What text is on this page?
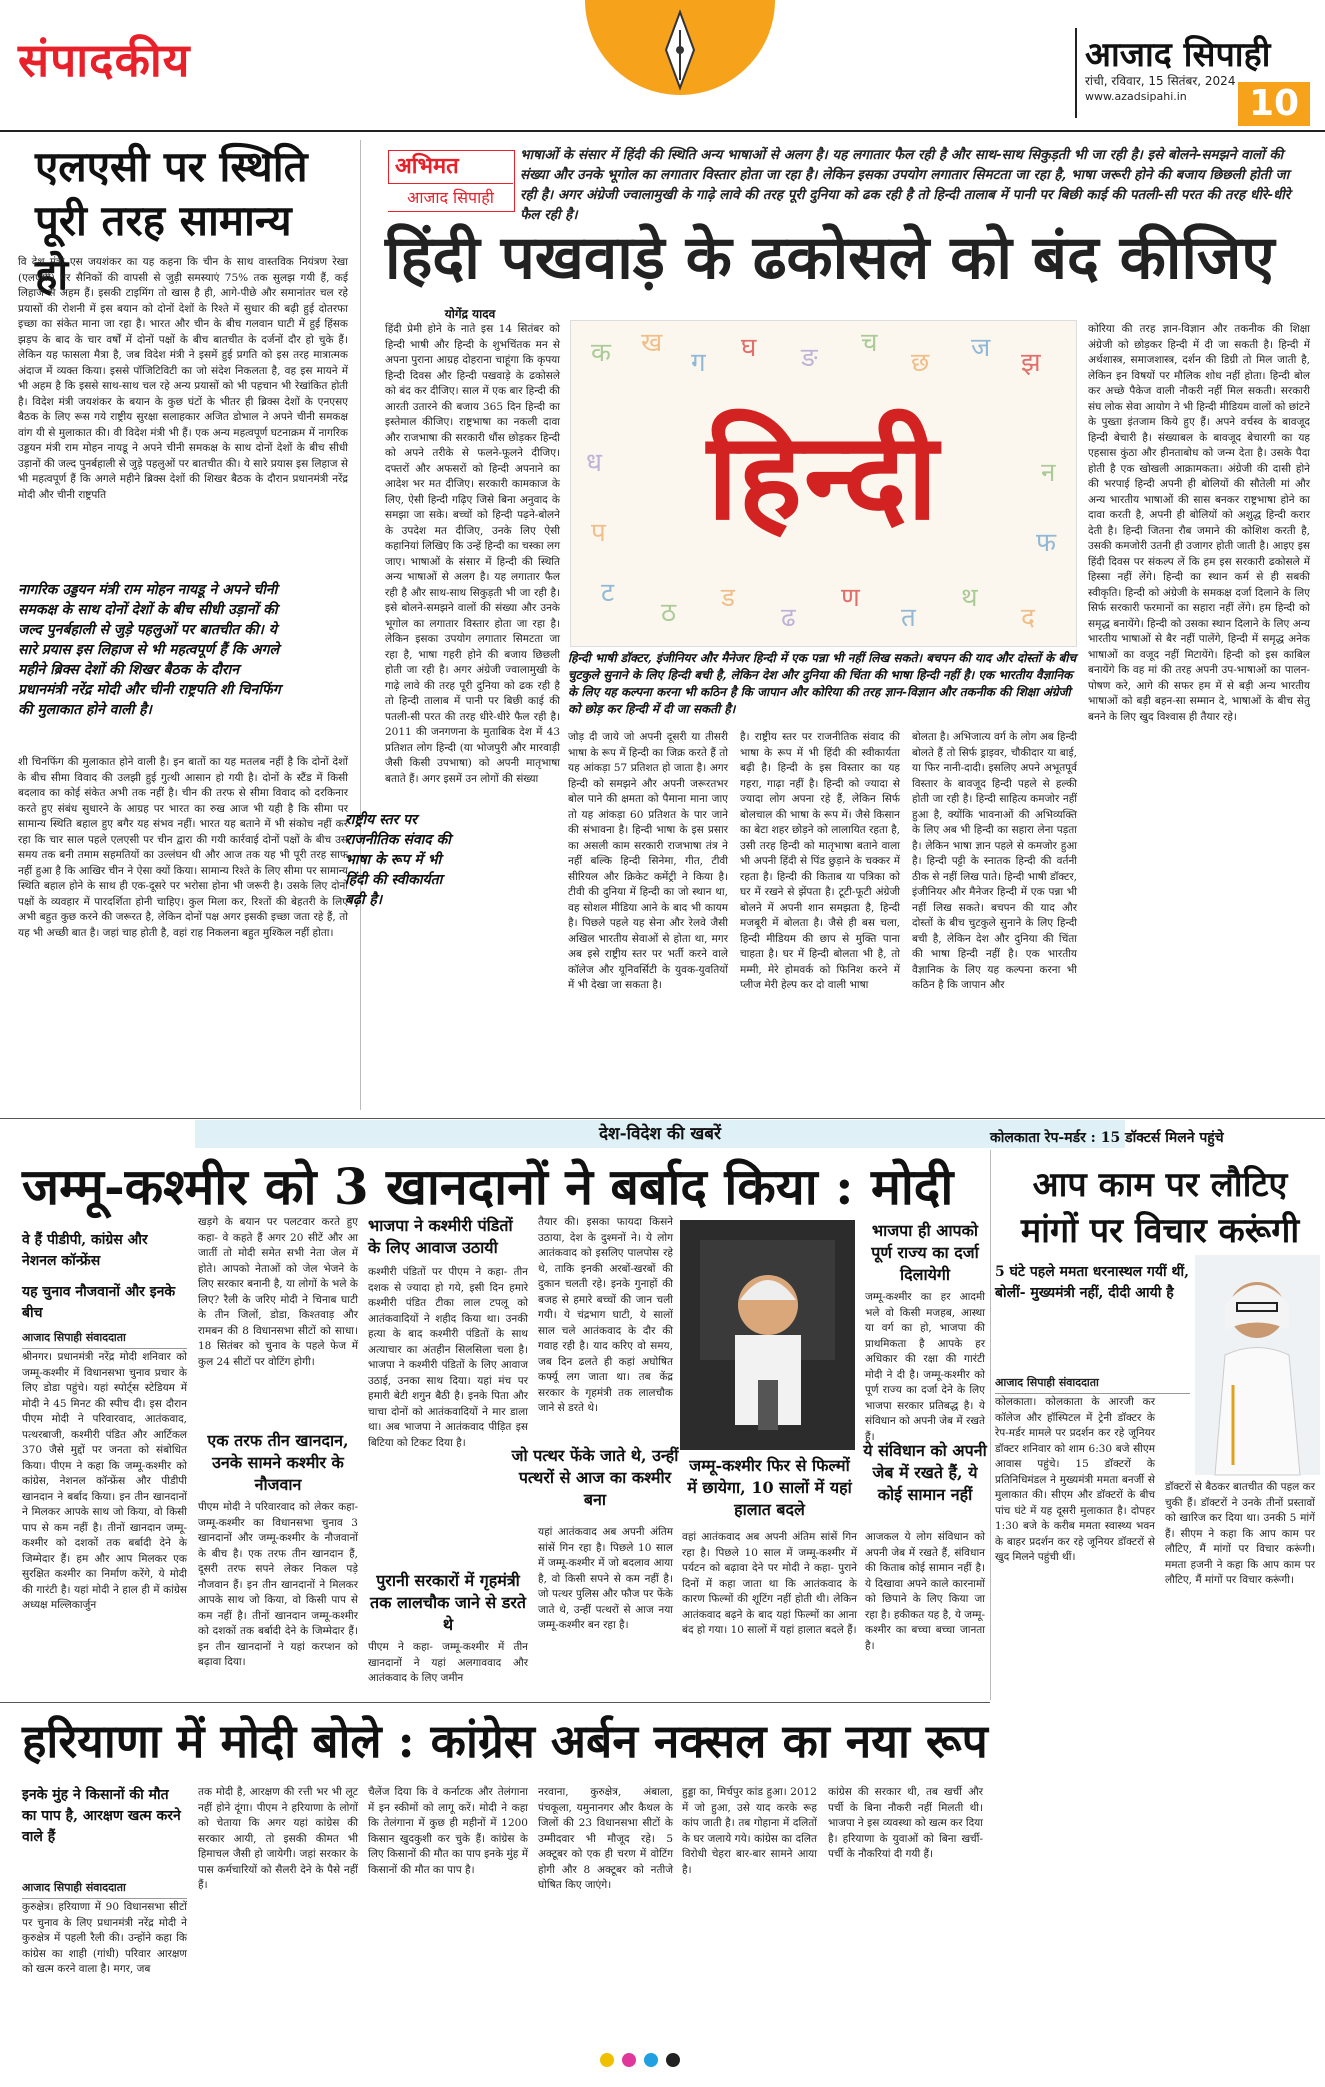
संपादकीय	आजाद सिपाही
रांची, रविवार, 15 सितंबर, 2024
www.azadsipahi.in	10
एलएसी पर स्थिति पूरी तरह सामान्य हो

वि देश मंत्री एस जयशंकर का यह कहना कि चीन के साथ वास्तविक नियंत्रण रेखा (एलएसी) पर सैनिकों की वापसी से जुड़ी समस्याएं 75% तक सुलझ गयी हैं, कई लिहाज से अहम हैं। इसकी टाइमिंग तो खास है ही, आगे-पीछे और समानांतर चल रहे प्रयासों की रोशनी में इस बयान को दोनों देशों के रिश्ते में सुधार की बढ़ी हुई दोतरफा इच्छा का संकेत माना जा रहा है। भारत और चीन के बीच गलवान घाटी में हुई हिंसक झड़प के बाद के चार वर्षों में दोनों पक्षों के बीच बातचीत के दर्जनों दौर हो चुके हैं। लेकिन यह फासला मैत्रा है, जब विदेश मंत्री ने इसमें हुई प्रगति को इस तरह मात्रात्मक अंदाज में व्यक्त किया। इससे पॉजिटिविटी का जो संदेश निकलता है, वह इस मायने में भी अहम है कि इससे साथ-साथ चल रहे अन्य प्रयासों को भी पहचान भी रेखांकित होती है। विदेश मंत्री जयशंकर के बयान के कुछ घंटों के भीतर ही ब्रिक्स देशों के एनएसए बैठक के लिए रूस गये राष्ट्रीय सुरक्षा सलाहकार अजित डोभाल ने अपने चीनी समकक्ष वांग यी से मुलाकात की। वी विदेश मंत्री भी हैं। एक अन्य महत्वपूर्ण घटनाक्रम में नागरिक उड्डयन मंत्री राम मोहन नायडू ने अपने चीनी समकक्ष के साथ दोनों देशों के बीच सीधी उड़ानों की जल्द पुनर्बहाली से जुड़े पहलुओं पर बातचीत की। ये सारे प्रयास इस लिहाज से भी महत्वपूर्ण हैं कि अगले महीने ब्रिक्स देशों की शिखर बैठक के दौरान प्रधानमंत्री नरेंद्र मोदी और चीनी राष्ट्रपति

नागरिक उड्डयन मंत्री राम मोहन नायडू ने अपने चीनी समकक्ष के साथ दोनों देशों के बीच सीधी उड़ानों की जल्द पुनर्बहाली से जुड़े पहलुओं पर बातचीत की। ये सारे प्रयास इस लिहाज से भी महत्वपूर्ण हैं कि अगले महीने ब्रिक्स देशों की शिखर बैठक के दौरान प्रधानमंत्री नरेंद्र मोदी और चीनी राष्ट्रपति शी चिनफिंग की मुलाकात होने वाली है।

शी चिनफिंग की मुलाकात होने वाली है। इन बातों का यह मतलब नहीं है कि दोनों देशों के बीच सीमा विवाद की उलझी हुई गुत्थी आसान हो गयी है। दोनों के स्टैंड में किसी बदलाव का कोई संकेत अभी तक नहीं है। चीन की तरफ से सीमा विवाद को दरकिनार करते हुए संबंध सुधारने के आग्रह पर भारत का रुख आज भी यही है कि सीमा पर सामान्य स्थिति बहाल हुए बगैर यह संभव नहीं। भारत यह बताने में भी संकोच नहीं कर रहा कि चार साल पहले एलएसी पर चीन द्वारा की गयी कार्रवाई दोनों पक्षों के बीच उस समय तक बनी तमाम सहमतियों का उल्लंघन थी और आज तक यह भी पूरी तरह साफ नहीं हुआ है कि आखिर चीन ने ऐसा क्यों किया। सामान्य रिश्ते के लिए सीमा पर सामान्य स्थिति बहाल होने के साथ ही एक-दूसरे पर भरोसा होना भी जरूरी है। उसके लिए दोनों पक्षों के व्यवहार में पारदर्शिता होनी चाहिए। कुल मिला कर, रिश्तों की बेहतरी के लिए अभी बहुत कुछ करने की जरूरत है, लेकिन दोनों पक्ष अगर इसकी इच्छा जता रहे हैं, तो यह भी अच्छी बात है। जहां चाह होती है, वहां राह निकलना बहुत मुश्किल नहीं होता।

अभिमत
आजाद सिपाही
भाषाओं के संसार में हिंदी की स्थिति अन्य भाषाओं से अलग है। यह लगातार फैल रही है और साथ-साथ सिकुड़ती भी जा रही है। इसे बोलने-समझने वालों की संख्या और उनके भूगोल का लगातार विस्तार होता जा रहा है। लेकिन इसका उपयोग लगातार सिमटता जा रहा है, भाषा जरूरी होने की बजाय छिछली होती जा रही है। अगर अंग्रेजी ज्वालामुखी के गाढ़े लावे की तरह पूरी दुनिया को ढक रही है तो हिन्दी तालाब में पानी पर बिछी काई की पतली-सी परत की तरह धीरे-धीरे फैल रही है।
हिंदी पखवाड़े के ढकोसले को बंद कीजिए
योगेंद्र यादव

हिंदी प्रेमी होने के नाते इस 14 सितंबर को हिन्दी भाषी और हिन्दी के शुभचिंतक मन से अपना पुराना आग्रह दोहराना चाहूंगा कि कृपया हिन्दी दिवस और हिन्दी पखवाड़े के ढकोसले को बंद कर दीजिए। साल में एक बार हिन्दी की आरती उतारने की बजाय 365 दिन हिन्दी का इस्तेमाल कीजिए। राष्ट्रभाषा का नकली दावा और राजभाषा की सरकारी धौंस छोड़कर हिन्दी को अपने तरीके से फलने-फूलने दीजिए। दफ्तरों और अफसरों को हिन्दी अपनाने का आदेश भर मत दीजिए। सरकारी कामकाज के लिए, ऐसी हिन्दी गढ़िए जिसे बिना अनुवाद के समझा जा सके। बच्चों को हिन्दी पढ़ने-बोलने के उपदेश मत दीजिए, उनके लिए ऐसी कहानियां लिखिए कि उन्हें हिन्दी का चस्का लग जाए। भाषाओं के संसार में हिन्दी की स्थिति अन्य भाषाओं से अलग है। यह लगातार फैल रही है और साथ-साथ सिकुड़ती भी जा रही है। इसे बोलने-समझने वालों की संख्या और उनके भूगोल का लगातार विस्तार होता जा रहा है। लेकिन इसका उपयोग लगातार सिमटता जा रहा है, भाषा गहरी होने की बजाय छिछली होती जा रही है। अगर अंग्रेजी ज्वालामुखी के गाढ़े लावे की तरह पूरी दुनिया को ढक रही है तो हिन्दी तालाब में पानी पर बिछी काई की पतली-सी परत की तरह धीरे-धीरे फैल रही है। 2011 की जनगणना के मुताबिक देश में 43 प्रतिशत लोग हिन्दी (या भोजपुरी और मारवाड़ी जैसी किसी उपभाषा) को अपनी मातृभाषा बताते हैं। अगर इसमें उन लोगों की संख्या

क ख
ग घ ङ च
छ ज झ
ट
ठ ड
ढ
ण
त
थ
द
ध	न
प	फ
हिन्दी
हिन्दी भाषी डॉक्टर, इंजीनियर और मैनेजर हिन्दी में एक पन्ना भी नहीं लिख सकते। बचपन की याद और दोस्तों के बीच चुटकुले सुनाने के लिए हिन्दी बची है, लेकिन देश और दुनिया की चिंता की भाषा हिन्दी नहीं है। एक भारतीय वैज्ञानिक के लिए यह कल्पना करना भी कठिन है कि जापान और कोरिया की तरह ज्ञान-विज्ञान और तकनीक की शिक्षा अंग्रेजी को छोड़ कर हिन्दी में दी जा सकती है।

कोरिया की तरह ज्ञान-विज्ञान और तकनीक की शिक्षा अंग्रेजी को छोड़कर हिन्दी में दी जा सकती है। हिन्दी में अर्थशास्त्र, समाजशास्त्र, दर्शन की डिग्री तो मिल जाती है, लेकिन इन विषयों पर मौलिक शोध नहीं होता। हिन्दी बोल कर अच्छे पैकेज वाली नौकरी नहीं मिल सकती। सरकारी संघ लोक सेवा आयोग ने भी हिन्दी मीडियम वालों को छांटने के पुख्ता इंतजाम किये हुए हैं। अपने वर्चस्व के बावजूद हिन्दी बेचारी है। संख्याबल के बावजूद बेचारगी का यह एहसास कुंठा और हीनताबोध को जन्म देता है। उसके पैदा होती है एक खोखली आक्रामकता। अंग्रेजी की दासी होने की भरपाई हिन्दी अपनी ही बोलियों की सौतेली मां और अन्य भारतीय भाषाओं की सास बनकर राष्ट्रभाषा होने का दावा करती है, अपनी ही बोलियों को अशुद्ध हिन्दी करार देती है। हिन्दी जितना रौब जमाने की कोशिश करती है, उसकी कमजोरी उतनी ही उजागर होती जाती है। आइए इस हिंदी दिवस पर संकल्प लें कि हम इस सरकारी ढकोसले में हिस्सा नहीं लेंगे। हिन्दी का स्थान कर्म से ही सबकी स्वीकृति। हिन्दी को अंग्रेजी के समकक्ष दर्जा दिलाने के लिए सिर्फ सरकारी फरमानों का सहारा नहीं लेंगे। हम हिन्दी को समृद्ध बनायेंगे। हिन्दी को उसका स्थान दिलाने के लिए अन्य भारतीय भाषाओं से बैर नहीं पालेंगे, हिन्दी में समृद्ध अनेक भाषाओं का वजूद नहीं मिटायेंगे। हिन्दी को इस काबिल बनायेंगे कि वह मां की तरह अपनी उप-भाषाओं का पालन-पोषण करे, आगे की सफर हम में से बड़ी अन्य भारतीय भाषाओं को बड़ी बहन-सा सम्मान दे, भाषाओं के बीच सेतु बनने के लिए खुद विश्वास ही तैयार रहे।

राष्ट्रीय स्तर पर राजनीतिक संवाद की भाषा के रूप में भी हिंदी की स्वीकार्यता बढ़ी है।

जोड़ दी जाये जो अपनी दूसरी या तीसरी भाषा के रूप में हिन्दी का जिक्र करते हैं तो यह आंकड़ा 57 प्रतिशत हो जाता है। अगर हिन्दी को समझने और अपनी जरूरतभर बोल पाने की क्षमता को पैमाना माना जाए तो यह आंकड़ा 60 प्रतिशत के पार जाने की संभावना है। हिन्दी भाषा के इस प्रसार का असली काम सरकारी राजभाषा तंत्र ने नहीं बल्कि हिन्दी सिनेमा, गीत, टीवी सीरियल और क्रिकेट कमेंट्री ने किया है। टीवी की दुनिया में हिन्दी का जो स्थान था, वह सोशल मीडिया आने के बाद भी कायम है। पिछले पहले यह सेना और रेलवे जैसी अखिल भारतीय सेवाओं से होता था, मगर अब इसे राष्ट्रीय स्तर पर भर्ती करने वाले कॉलेज और यूनिवर्सिटी के युवक-युवतियों में भी देखा जा सकता है।

है। राष्ट्रीय स्तर पर राजनीतिक संवाद की भाषा के रूप में भी हिंदी की स्वीकार्यता बढ़ी है। हिन्दी के इस विस्तार का यह गहरा, गाढ़ा नहीं है। हिन्दी को ज्यादा से ज्यादा लोग अपना रहे हैं, लेकिन सिर्फ बोलचाल की भाषा के रूप में। जैसे किसान का बेटा शहर छोड़ने को लालायित रहता है, उसी तरह हिन्दी को मातृभाषा बताने वाला भी अपनी हिंदी से पिंड छुड़ाने के चक्कर में रहता है। हिन्दी की किताब या पत्रिका को घर में रखने से झेंपता है। टूटी-फूटी अंग्रेजी बोलने में अपनी शान समझता है, हिन्दी मजबूरी में बोलता है। जैसे ही बस चला, हिन्दी मीडियम की छाप से मुक्ति पाना चाहता है। घर में हिन्दी बोलता भी है, तो मम्मी, मेरे होमवर्क को फिनिश करने में प्लीज मेरी हेल्प कर दो वाली भाषा

बोलता है। अभिजात्य वर्ग के लोग अब हिन्दी बोलते हैं तो सिर्फ ड्राइवर, चौकीदार या बाई, या फिर नानी-दादी। इसलिए अपने अभूतपूर्व विस्तार के बावजूद हिन्दी पहले से हल्की होती जा रही है। हिन्दी साहित्य कमजोर नहीं हुआ है, क्योंकि भावनाओं की अभिव्यक्ति के लिए अब भी हिन्दी का सहारा लेना पड़ता है। लेकिन भाषा ज्ञान पहले से कमजोर हुआ है। हिन्दी पट्टी के स्नातक हिन्दी की वर्तनी ठीक से नहीं लिख पाते। हिन्दी भाषी डॉक्टर, इंजीनियर और मैनेजर हिन्दी में एक पन्ना भी नहीं लिख सकते। बचपन की याद और दोस्तों के बीच चुटकुले सुनाने के लिए हिन्दी बची है, लेकिन देश और दुनिया की चिंता की भाषा हिन्दी नहीं है। एक भारतीय वैज्ञानिक के लिए यह कल्पना करना भी कठिन है कि जापान और

देश-विदेश की खबरें
जम्मू-कश्मीर को 3 खानदानों ने बर्बाद किया : मोदी
वे हैं पीडीपी, कांग्रेस और नेशनल कॉन्फ्रेंस
यह चुनाव नौजवानों और इनके बीच
आजाद सिपाही संवाददाता

श्रीनगर। प्रधानमंत्री नरेंद्र मोदी शनिवार को जम्मू-कश्मीर में विधानसभा चुनाव प्रचार के लिए डोडा पहुंचे। यहां स्पोर्ट्स स्टेडियम में मोदी ने 45 मिनट की स्पीच दी। इस दौरान पीएम मोदी ने परिवारवाद, आतंकवाद, पत्थरबाजी, कश्मीरी पंडित और आर्टिकल 370 जैसे मुद्दों पर जनता को संबोधित किया। पीएम ने कहा कि जम्मू-कश्मीर को कांग्रेस, नेशनल कॉन्फ्रेंस और पीडीपी खानदान ने बर्बाद किया। इन तीन खानदानों ने मिलकर आपके साथ जो किया, वो किसी पाप से कम नहीं है। तीनों खानदान जम्मू-कश्मीर को दशकों तक बर्बादी देने के जिम्मेदार हैं। हम और आप मिलकर एक सुरक्षित कश्मीर का निर्माण करेंगे, ये मोदी की गारंटी है। यहां मोदी ने हाल ही में कांग्रेस अध्यक्ष मल्लिकार्जुन

खड़गे के बयान पर पलटवार करते हुए कहा- वे कहते हैं अगर 20 सीटें और आ जातीं तो मोदी समेत सभी नेता जेल में होते। आपको नेताओं को जेल भेजने के लिए सरकार बनानी है, या लोगों के भले के लिए? रैली के जरिए मोदी ने चिनाब घाटी के तीन जिलों, डोडा, किश्तवाड़ और रामबन की 8 विधानसभा सीटों को साधा। 18 सितंबर को चुनाव के पहले फेज में कुल 24 सीटों पर वोटिंग होगी।

एक तरफ तीन खानदान, उनके सामने कश्मीर के नौजवान

पीएम मोदी ने परिवारवाद को लेकर कहा- जम्मू-कश्मीर का विधानसभा चुनाव 3 खानदानों और जम्मू-कश्मीर के नौजवानों के बीच है। एक तरफ तीन खानदान हैं, दूसरी तरफ सपने लेकर निकल पड़े नौजवान हैं। इन तीन खानदानों ने मिलकर आपके साथ जो किया, वो किसी पाप से कम नहीं है। तीनों खानदान जम्मू-कश्मीर को दशकों तक बर्बादी देने के जिम्मेदार हैं। इन तीन खानदानों ने यहां करप्शन को बढ़ावा दिया।

भाजपा ने कश्मीरी पंडितों के लिए आवाज उठायी

कश्मीरी पंडितों पर पीएम ने कहा- तीन दशक से ज्यादा हो गये, इसी दिन हमारे कश्मीरी पंडित टीका लाल टपलू को आतंकवादियों ने शहीद किया था। उनकी हत्या के बाद कश्मीरी पंडितों के साथ अत्याचार का अंतहीन सिलसिला चला है। भाजपा ने कश्मीरी पंडितों के लिए आवाज उठाई, उनका साथ दिया। यहां मंच पर हमारी बेटी शगुन बैठी है। इनके पिता और चाचा दोनों को आतंकवादियों ने मार डाला था। अब भाजपा ने आतंकवाद पीड़ित इस बिटिया को टिकट दिया है।

पुरानी सरकारों में गृहमंत्री तक लालचौक जाने से डरते थे

पीएम ने कहा- जम्मू-कश्मीर में तीन खानदानों ने यहां अलगाववाद और आतंकवाद के लिए जमीन

तैयार की। इसका फायदा किसने उठाया, देश के दुश्मनों ने। ये लोग आतंकवाद को इसलिए पालपोस रहे थे, ताकि इनकी अरबों-खरबों की दुकान चलती रहे। इनके गुनाहों की बजह से हमारे बच्चों की जान चली गयी। ये चंद्रभाग घाटी, ये सालों साल चले आतंकवाद के दौर की गवाह रही है। याद करिए वो समय, जब दिन ढलते ही कहां अघोषित कर्फ्यू लग जाता था। तब केंद्र सरकार के गृहमंत्री तक लालचौक जाने से डरते थे।

जो पत्थर फेंके जाते थे, उन्हीं पत्थरों से आज का कश्मीर बना

यहां आतंकवाद अब अपनी अंतिम सांसें गिन रहा है। पिछले 10 साल में जम्मू-कश्मीर में जो बदलाव आया है, वो किसी सपने से कम नहीं है। जो पत्थर पुलिस और फौज पर फेंके जाते थे, उन्हीं पत्थरों से आज नया जम्मू-कश्मीर बन रहा है।

जम्मू-कश्मीर फिर से फिल्मों में छायेगा, 10 सालों में यहां हालात बदले

वहां आतंकवाद अब अपनी अंतिम सांसें गिन रहा है। पिछले 10 साल में जम्मू-कश्मीर में पर्यटन को बढ़ावा देने पर मोदी ने कहा- पुराने दिनों में कहा जाता था कि आतंकवाद के कारण फिल्मों की शूटिंग नहीं होती थी। लेकिन आतंकवाद बढ़ने के बाद यहां फिल्मों का आना बंद हो गया। 10 सालों में यहां हालात बदले हैं।

भाजपा ही आपको पूर्ण राज्य का दर्जा दिलायेगी

जम्मू-कश्मीर का हर आदमी भले वो किसी मजहब, आस्था या वर्ग का हो, भाजपा की प्राथमिकता है आपके हर अधिकार की रक्षा की गारंटी मोदी ने दी है। जम्मू-कश्मीर को पूर्ण राज्य का दर्जा देने के लिए भाजपा सरकार प्रतिबद्ध है। ये संविधान को अपनी जेब में रखते हैं।

ये संविधान को अपनी जेब में रखते हैं, ये कोई सामान नहीं

आजकल ये लोग संविधान को अपनी जेब में रखते हैं, संविधान की किताब कोई सामान नहीं है। ये दिखावा अपने काले कारनामों को छिपाने के लिए किया जा रहा है। हकीकत यह है, ये जम्मू-कश्मीर का बच्चा बच्चा जानता है।

कोलकाता रेप-मर्डर : 15 डॉक्टर्स मिलने पहुंचे
आप काम पर लौटिए मांगों पर विचार करूंगी
5 घंटे पहले ममता धरनास्थल गयीं थीं, बोलीं- मुख्यमंत्री नहीं, दीदी आयी है
आजाद सिपाही संवाददाता

कोलकाता। कोलकाता के आरजी कर कॉलेज और हॉस्पिटल में ट्रेनी डॉक्टर के रेप-मर्डर मामले पर प्रदर्शन कर रहे जूनियर डॉक्टर शनिवार को शाम 6:30 बजे सीएम आवास पहुंचे। 15 डॉक्टरों के प्रतिनिधिमंडल ने मुख्यमंत्री ममता बनर्जी से मुलाकात की। सीएम और डॉक्टरों के बीच पांच घंटे में यह दूसरी मुलाकात है। दोपहर 1:30 बजे के करीब ममता स्वास्थ्य भवन के बाहर प्रदर्शन कर रहे जूनियर डॉक्टरों से खुद मिलने पहुंची थीं।

डॉक्टरों से बैठकर बातचीत की पहल कर चुकी हैं। डॉक्टरों ने उनके तीनों प्रस्तावों को खारिज कर दिया था। उनकी 5 मांगें हैं। सीएम ने कहा कि आप काम पर लौटिए, मैं मांगों पर विचार करूंगी। ममता हजनी ने कहा कि आप काम पर लौटिए, मैं मांगों पर विचार करूंगी।

हरियाणा में मोदी बोले : कांग्रेस अर्बन नक्सल का नया रूप
इनके मुंह ने किसानों की मौत का पाप है, आरक्षण खत्म करने वाले हैं
आजाद सिपाही संवाददाता

कुरुक्षेत्र। हरियाणा में 90 विधानसभा सीटों पर चुनाव के लिए प्रधानमंत्री नरेंद्र मोदी ने कुरुक्षेत्र में पहली रैली की। उन्होंने कहा कि कांग्रेस का शाही (गांधी) परिवार आरक्षण को खत्म करने वाला है। मगर, जब

तक मोदी है, आरक्षण की रत्ती भर भी लूट नहीं होने दूंगा। पीएम ने हरियाणा के लोगों को चेताया कि अगर यहां कांग्रेस की सरकार आयी, तो इसकी कीमत भी हिमाचल जैसी हो जायेगी। जहां सरकार के पास कर्मचारियों को सैलरी देने के पैसे नहीं हैं।

चैलेंज दिया कि वे कर्नाटक और तेलंगाना में इन स्कीमों को लागू करें। मोदी ने कहा कि तेलंगाना में कुछ ही महीनों में 1200 किसान खुदकुशी कर चुके हैं। कांग्रेस के लिए किसानों की मौत का पाप इनके मुंह में किसानों की मौत का पाप है।

नरवाना, कुरुक्षेत्र, अंबाला, पंचकूला, यमुनानगर और कैथल के जिलों की 23 विधानसभा सीटों के उम्मीदवार भी मौजूद रहे। 5 अक्टूबर को एक ही चरण में वोटिंग होगी और 8 अक्टूबर को नतीजे घोषित किए जाएंगे।

हुड्डा का, मिर्चपुर कांड हुआ। 2012 में जो हुआ, उसे याद करके रूह कांप जाती है। तब गोहाना में दलितों के घर जलाये गये। कांग्रेस का दलित विरोधी चेहरा बार-बार सामने आया है।

कांग्रेस की सरकार थी, तब खर्ची और पर्ची के बिना नौकरी नहीं मिलती थी। भाजपा ने इस व्यवस्था को खत्म कर दिया है। हरियाणा के युवाओं को बिना खर्ची-पर्ची के नौकरियां दी गयी हैं।
